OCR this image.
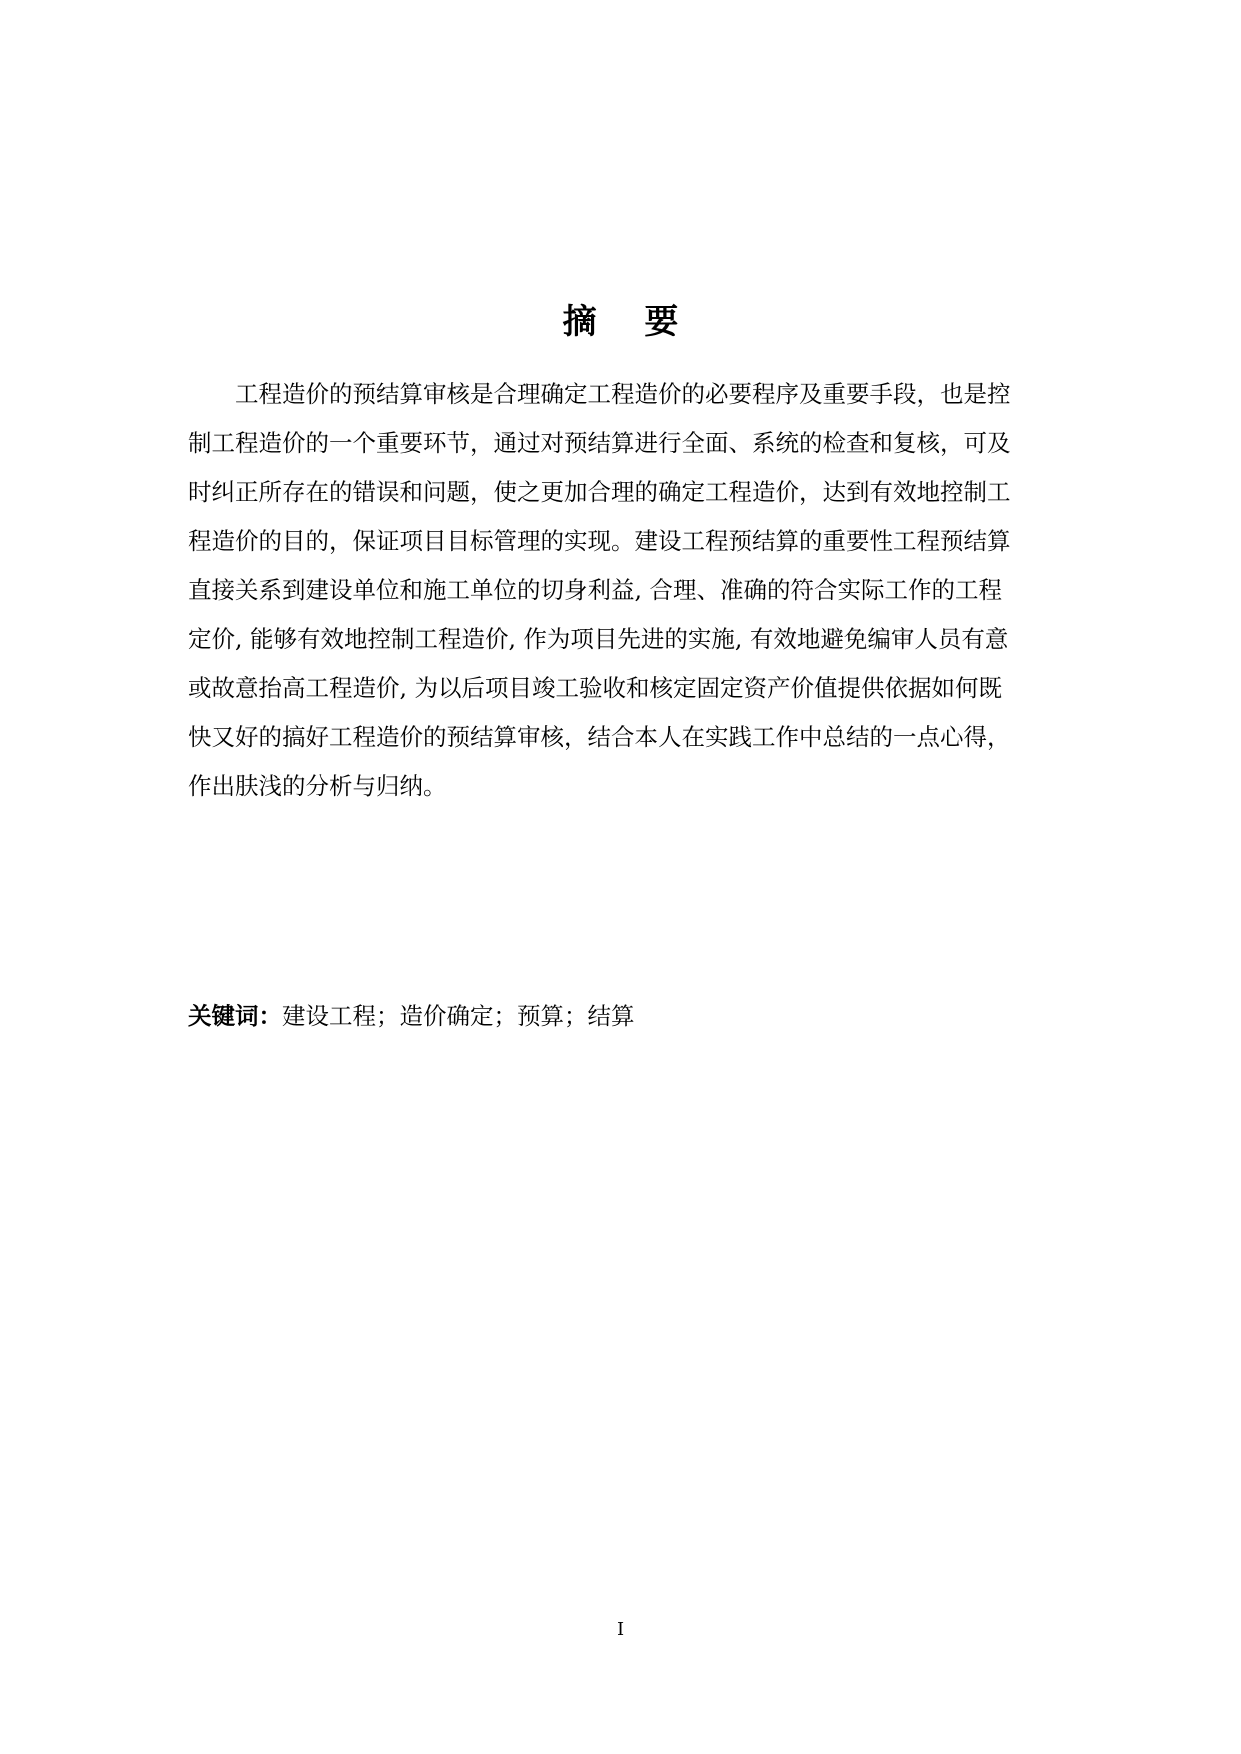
摘 要
工程造价的预结算审核是合理确定工程造价的必要程序及重要手段，也是控
制工程造价的一个重要环节，通过对预结算进行全面、系统的检查和复核，可及
时纠正所存在的错误和问题，使之更加合理的确定工程造价，达到有效地控制工
程造价的目的，保证项目目标管理的实现。建设工程预结算的重要性工程预结算
直接关系到建设单位和施工单位的切身利益, 合理、准确的符合实际工作的工程
定价, 能够有效地控制工程造价, 作为项目先进的实施, 有效地避免编审人员有意
或故意抬高工程造价, 为以后项目竣工验收和核定固定资产价值提供依据如何既
快又好的搞好工程造价的预结算审核，结合本人在实践工作中总结的一点心得，
作出肤浅的分析与归纳。
关键词：建设工程；造价确定；预算；结算
I
